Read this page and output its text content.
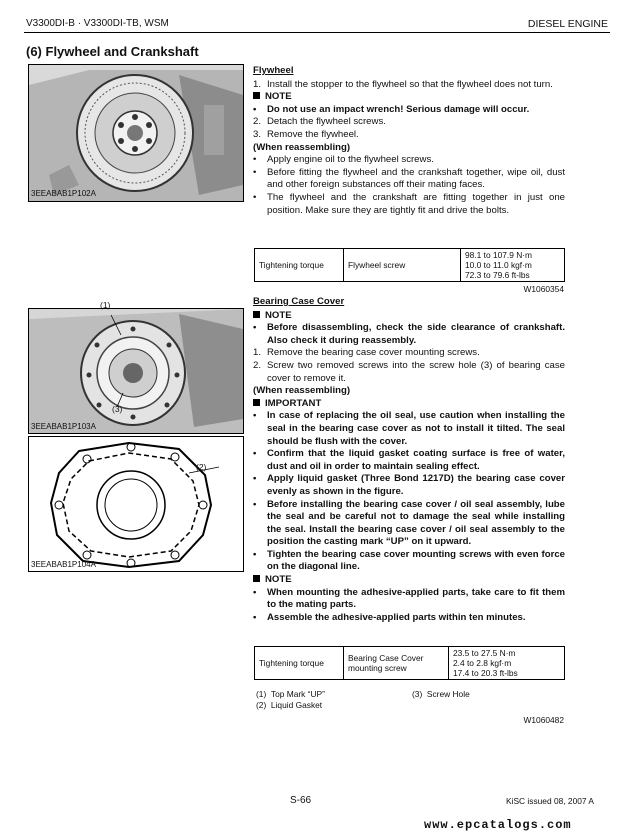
V3300DI-B · V3300DI-TB, WSM	DIESEL ENGINE
(6) Flywheel and Crankshaft
3EEABAB1P102A
(1)
(3)
3EEABAB1P103A
(2)
3EEABAB1P104A
Flywheel
1. Install the stopper to the flywheel so that the flywheel does not turn.
NOTE
•	Do not use an impact wrench! Serious damage will occur.
2. Detach the flywheel screws.
3. Remove the flywheel.
(When reassembling)
•	Apply engine oil to the flywheel screws.
•	Before fitting the flywheel and the crankshaft together, wipe oil, dust and other foreign substances off their mating faces.
•	The flywheel and the crankshaft are fitting together in just one position. Make sure they are tightly fit and drive the bolts.
Tightening torque	Flywheel screw	
98.1 to 107.9 N·m
10.0 to 11.0 kgf·m
72.3 to 79.6 ft-lbs
W1060354
Bearing Case Cover
NOTE
•	Before disassembling, check the side clearance of crankshaft. Also check it during reassembly.
1. Remove the bearing case cover mounting screws.
2. Screw two removed screws into the screw hole (3) of bearing case cover to remove it.
(When reassembling)
IMPORTANT
•	In case of replacing the oil seal, use caution when installing the seal in the bearing case cover as not to install it tilted. The seal should be flush with the cover.
•	Confirm that the liquid gasket coating surface is free of water, dust and oil in order to maintain sealing effect.
•	Apply liquid gasket (Three Bond 1217D) the bearing case cover evenly as shown in the figure.
•	Before installing the bearing case cover / oil seal assembly, lube the seal and be careful not to damage the seal while installing the seal. Install the bearing case cover / oil seal assembly to the position the casting mark “UP” on it upward.
•	Tighten the bearing case cover mounting screws with even force on the diagonal line.
NOTE
•	When mounting the adhesive-applied parts, take care to fit them to the mating parts.
•	Assemble the adhesive-applied parts within ten minutes.
Tightening torque	Bearing Case Cover mounting screw	
23.5 to 27.5 N·m
2.4 to 2.8 kgf·m
17.4 to 20.3 ft-lbs
(1) Top Mark “UP”
(2) Liquid Gasket
(3) Screw Hole
W1060482
S-66	KiSC issued 08, 2007 A
www.epcatalogs.com
